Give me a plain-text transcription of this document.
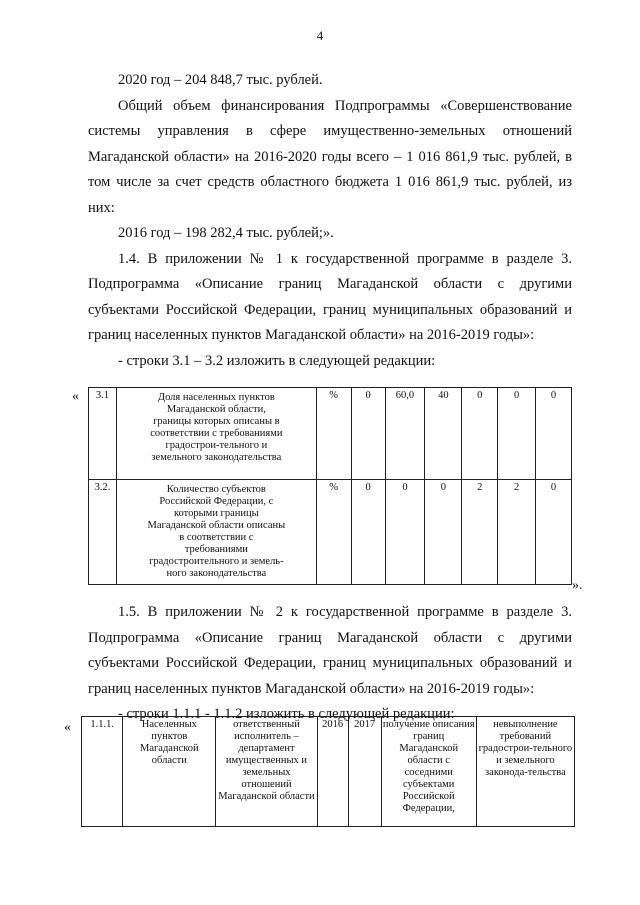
4

2020 год – 204 848,7 тыс. рублей.

Общий объем финансирования Подпрограммы «Совершенствование системы управления в сфере имущественно-земельных отношений Магаданской области» на 2016-2020 годы всего – 1 016 861,9 тыс. рублей, в том числе за счет средств областного бюджета 1 016 861,9 тыс. рублей, из них:

2016 год – 198 282,4 тыс. рублей;».

1.4. В приложении № 1 к государственной программе в разделе 3. Подпрограмма «Описание границ Магаданской области с другими субъектами Российской Федерации, границ муниципальных образований и границ населенных пунктов Магаданской области» на 2016-2019 годы»:

- строки 3.1 – 3.2 изложить в следующей редакции:

« 3.1	Доля населенных пунктов Магаданской области, границы которых описаны в соответствии с требованиями градострои-тельного и земельного законодательства	%	0	60,0	40	0	0	0
3.2.	Количество субъектов Российской Федерации, с которыми границы Магаданской области описаны в соответствии с требованиями градостроительного и земель-ного законодательства	%	0	0	0	2	2	0
».

1.5. В приложении № 2 к государственной программе в разделе 3. Подпрограмма «Описание границ Магаданской области с другими субъектами Российской Федерации, границ муниципальных образований и границ населенных пунктов Магаданской области» на 2016-2019 годы»:

- строки 1.1.1 - 1.1.2 изложить в следующей редакции:

« 1.1.1.	Населенных пунктов Магаданской области	ответственный исполнитель – департамент имущественных и земельных отношений Магаданской области	2016	2017	получение описания границ Магаданской области с соседними субъектами Российской Федерации,	невыполнение требований градострои-тельного и земельного законода-тельства
